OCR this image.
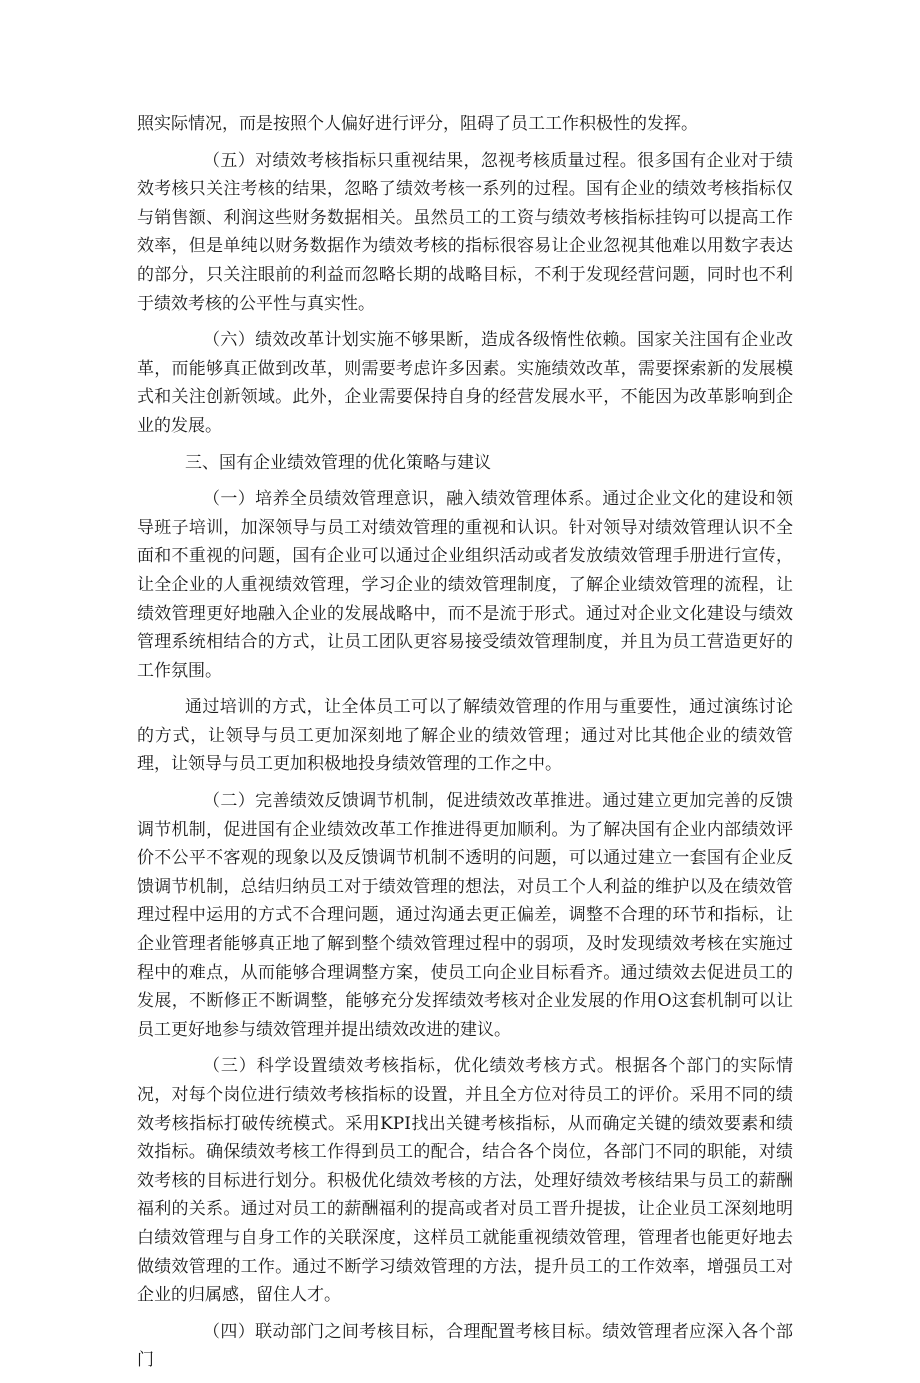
照实际情况，而是按照个人偏好进行评分，阻碍了员工工作积极性的发挥。

（五）对绩效考核指标只重视结果，忽视考核质量过程。很多国有企业对于绩效考核只关注考核的结果，忽略了绩效考核一系列的过程。国有企业的绩效考核指标仅与销售额、利润这些财务数据相关。虽然员工的工资与绩效考核指标挂钩可以提高工作效率，但是单纯以财务数据作为绩效考核的指标很容易让企业忽视其他难以用数字表达的部分，只关注眼前的利益而忽略长期的战略目标，不利于发现经营问题，同时也不利于绩效考核的公平性与真实性。

（六）绩效改革计划实施不够果断，造成各级惰性依赖。国家关注国有企业改革，而能够真正做到改革，则需要考虑许多因素。实施绩效改革，需要探索新的发展模式和关注创新领域。此外，企业需要保持自身的经营发展水平，不能因为改革影响到企业的发展。

三、国有企业绩效管理的优化策略与建议

（一）培养全员绩效管理意识，融入绩效管理体系。通过企业文化的建设和领导班子培训，加深领导与员工对绩效管理的重视和认识。针对领导对绩效管理认识不全面和不重视的问题，国有企业可以通过企业组织活动或者发放绩效管理手册进行宣传，让全企业的人重视绩效管理，学习企业的绩效管理制度，了解企业绩效管理的流程，让绩效管理更好地融入企业的发展战略中，而不是流于形式。通过对企业文化建设与绩效管理系统相结合的方式，让员工团队更容易接受绩效管理制度，并且为员工营造更好的工作氛围。

通过培训的方式，让全体员工可以了解绩效管理的作用与重要性，通过演练讨论的方式，让领导与员工更加深刻地了解企业的绩效管理；通过对比其他企业的绩效管理，让领导与员工更加积极地投身绩效管理的工作之中。

（二）完善绩效反馈调节机制，促进绩效改革推进。通过建立更加完善的反馈调节机制，促进国有企业绩效改革工作推进得更加顺利。为了解决国有企业内部绩效评价不公平不客观的现象以及反馈调节机制不透明的问题，可以通过建立一套国有企业反馈调节机制，总结归纳员工对于绩效管理的想法，对员工个人利益的维护以及在绩效管理过程中运用的方式不合理问题，通过沟通去更正偏差，调整不合理的环节和指标，让企业管理者能够真正地了解到整个绩效管理过程中的弱项，及时发现绩效考核在实施过程中的难点，从而能够合理调整方案，使员工向企业目标看齐。通过绩效去促进员工的发展，不断修正不断调整，能够充分发挥绩效考核对企业发展的作用O这套机制可以让员工更好地参与绩效管理并提出绩效改进的建议。

（三）科学设置绩效考核指标，优化绩效考核方式。根据各个部门的实际情况，对每个岗位进行绩效考核指标的设置，并且全方位对待员工的评价。采用不同的绩效考核指标打破传统模式。采用KPI找出关键考核指标，从而确定关键的绩效要素和绩效指标。确保绩效考核工作得到员工的配合，结合各个岗位，各部门不同的职能，对绩效考核的目标进行划分。积极优化绩效考核的方法，处理好绩效考核结果与员工的薪酬福利的关系。通过对员工的薪酬福利的提高或者对员工晋升提拔，让企业员工深刻地明白绩效管理与自身工作的关联深度，这样员工就能重视绩效管理，管理者也能更好地去做绩效管理的工作。通过不断学习绩效管理的方法，提升员工的工作效率，增强员工对企业的归属感，留住人才。

（四）联动部门之间考核目标，合理配置考核目标。绩效管理者应深入各个部门
